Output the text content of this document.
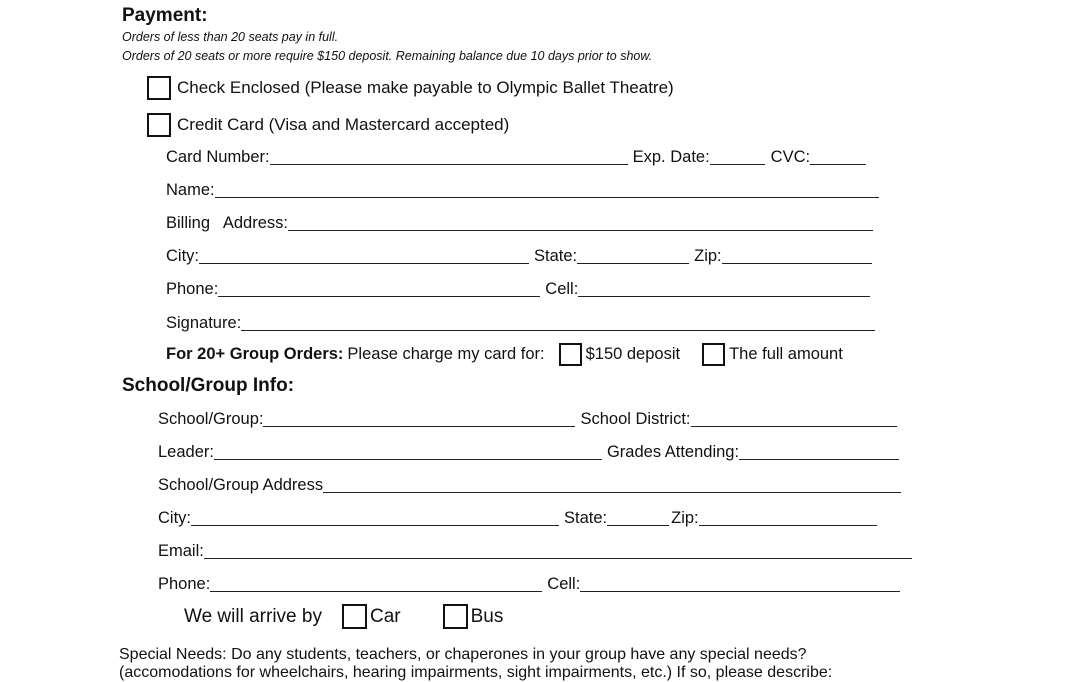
Payment:
Orders of less than 20 seats pay in full.
Orders of 20 seats or more require $150 deposit. Remaining balance due 10 days prior to show.
Check Enclosed (Please make payable to Olympic Ballet Theatre)
Credit Card (Visa and Mastercard accepted)
Card Number:	Exp. Date:	CVC:
Name:
Billing   Address:
City:	State:	Zip:
Phone:	Cell:
Signature:
For 20+ Group Orders: Please charge my card for: $150 deposit	The full amount
School/Group Info:
School/Group:	School District:
Leader:	Grades Attending:
School/Group Address
City:	State:	Zip:
Email:
Phone:	Cell:
We will arrive by	Car	Bus
Special Needs: Do any students, teachers, or chaperones in your group have any special needs?
(accomodations for wheelchairs, hearing impairments, sight impairments, etc.) If so, please describe:
